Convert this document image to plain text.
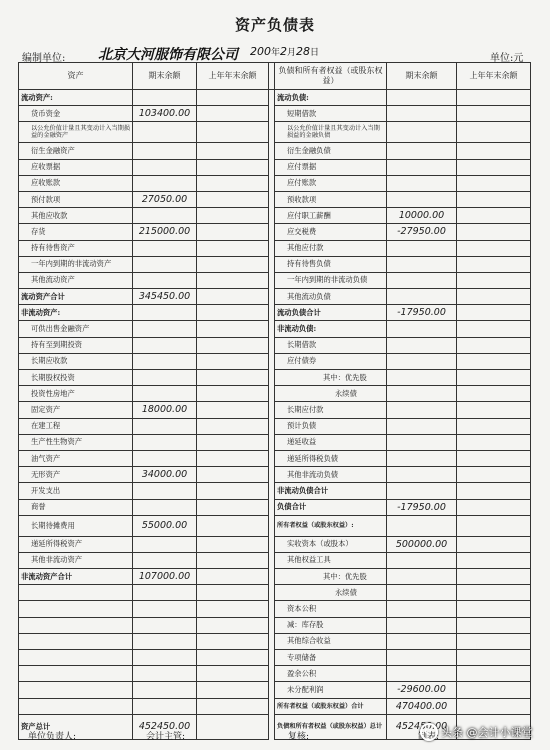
资产负债表
编制单位: 北京大河服饰有限公司 200年2月28日	单位:元
资产	期末余额	上年年末余额		负债和所有者权益（或股东权益）	期末余额	上年年末余额
流动资产:				流动负债:		
货币资金	103400.00			短期借款		
以公允价值计量且其变动计入当期损益的金融资产				以公允价值计量且其变动计入当期损益的金融负债		
衍生金融资产				衍生金融负债		
应收票据				应付票据		
应收账款				应付账款		
预付款项	27050.00			预收款项		
其他应收款				应付职工薪酬	10000.00	
存货	215000.00			应交税费	-27950.00	
持有待售资产				其他应付款		
一年内到期的非流动资产				持有待售负债		
其他流动资产				一年内到期的非流动负债		
流动资产合计	345450.00			其他流动负债		
非流动资产:				流动负债合计	-17950.00	
可供出售金融资产				非流动负债:		
持有至到期投资				长期借款		
长期应收款				应付债券		
长期股权投资				其中：优先股		
投资性房地产				永续债		
固定资产	18000.00			长期应付款		
在建工程				预计负债		
生产性生物资产				递延收益		
油气资产				递延所得税负债		
无形资产	34000.00			其他非流动负债		
开发支出				非流动负债合计		
商誉				负债合计	-17950.00	
长期待摊费用	55000.00			所有者权益（或股东权益）:		
递延所得税资产				实收资本（或股本）	500000.00	
其他非流动资产				其他权益工具		
非流动资产合计	107000.00			其中：优先股		
				永续债		
				资本公积		
				减：库存股		
				其他综合收益		
				专项储备		
				盈余公积		
				未分配利润	-29600.00	
				所有者权益（或股东权益）合计	470400.00	
资产总计	452450.00			负债和所有者权益（或股东权益）总计	452450.00	
单位负责人:	会计主管:	复核:	制表: 头条 @会计小课堂
